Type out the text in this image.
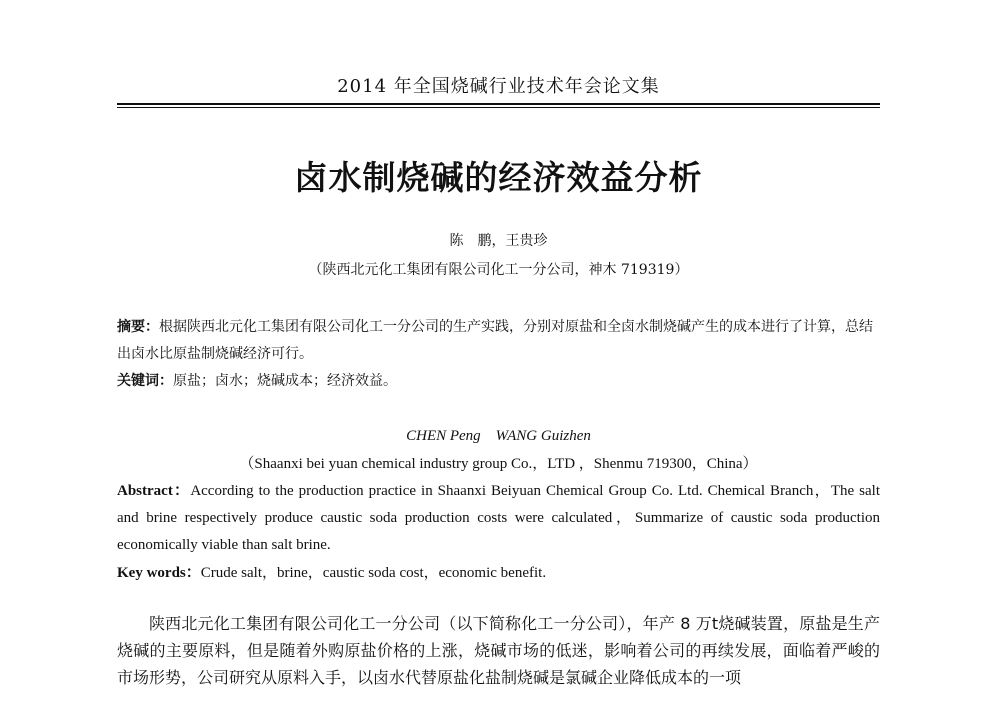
2014 年全国烧碱行业技术年会论文集
卤水制烧碱的经济效益分析
陈　鹏，王贵珍
（陕西北元化工集团有限公司化工一分公司，神木 719319）
摘要：根据陕西北元化工集团有限公司化工一分公司的生产实践，分别对原盐和全卤水制烧碱产生的成本进行了计算，总结出卤水比原盐制烧碱经济可行。
关键词：原盐；卤水；烧碱成本；经济效益。
CHEN Peng　WANG Guizhen
（Shaanxi bei yuan chemical industry group Co.，LTD ，Shenmu 719300，China）
Abstract：According to the production practice in Shaanxi Beiyuan Chemical Group Co. Ltd. Chemical Branch，The salt and brine respectively produce caustic soda production costs were calculated，Summarize of caustic soda production economically viable than salt brine.
Key words：Crude salt，brine，caustic soda cost，economic benefit.
陕西北元化工集团有限公司化工一分公司（以下简称化工一分公司），年产 8 万t烧碱装置，原盐是生产烧碱的主要原料，但是随着外购原盐价格的上涨，烧碱市场的低迷，影响着公司的再续发展，面临着严峻的市场形势，公司研究从原料入手，以卤水代替原盐化盐制烧碱是氯碱企业降低成本的一项
